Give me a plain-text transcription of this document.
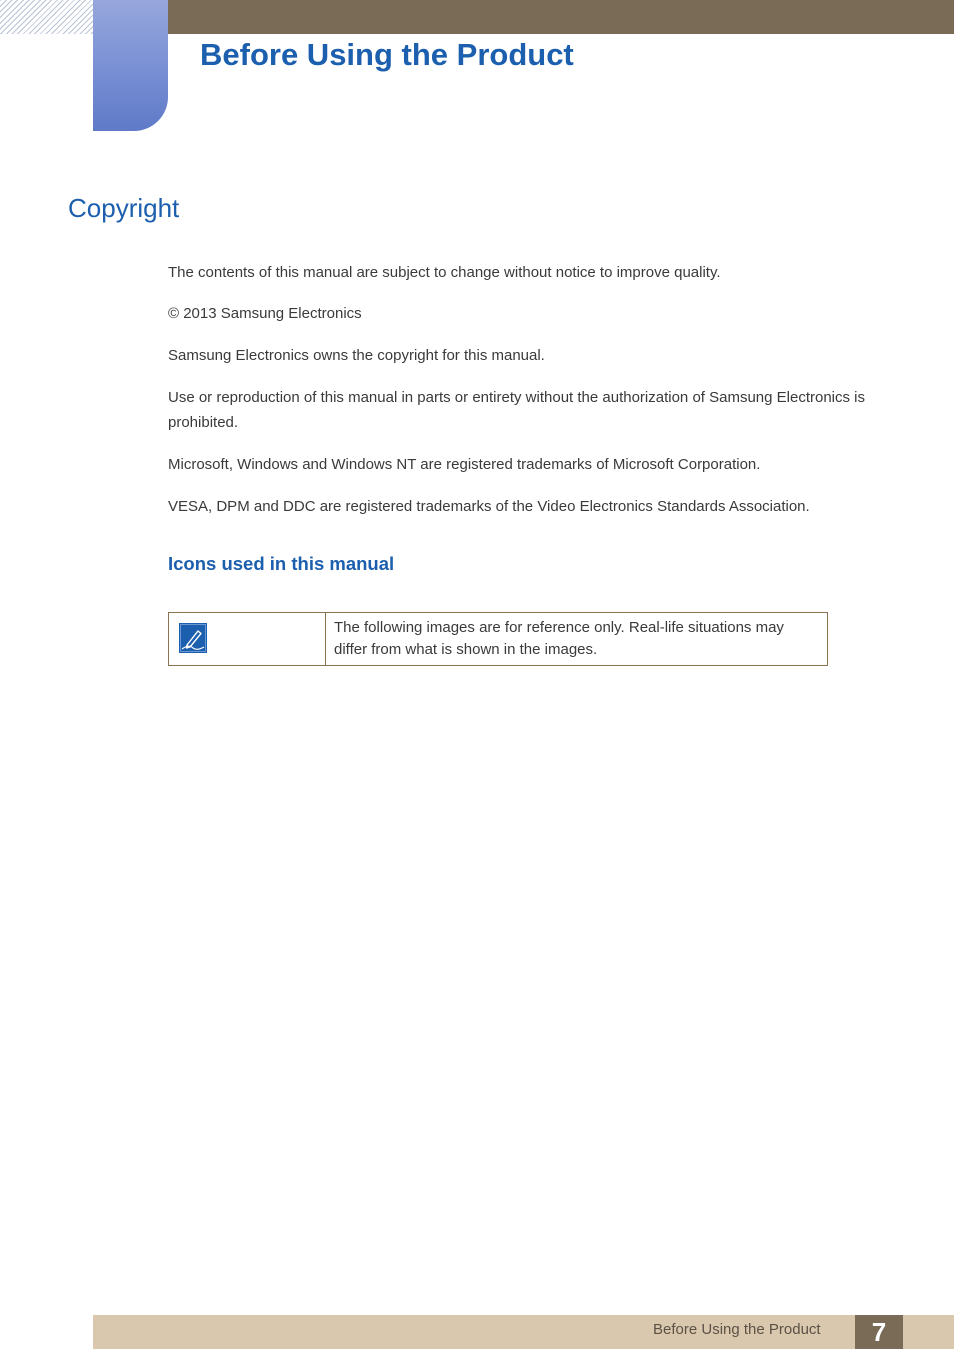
Before Using the Product
Copyright

The contents of this manual are subject to change without notice to improve quality.

© 2013 Samsung Electronics

Samsung Electronics owns the copyright for this manual.

Use or reproduction of this manual in parts or entirety without the authorization of Samsung Electronics is prohibited.

Microsoft, Windows and Windows NT are registered trademarks of Microsoft Corporation.

VESA, DPM and DDC are registered trademarks of the Video Electronics Standards Association.

Icons used in this manual
The following images are for reference only. Real-life situations may differ from what is shown in the images.
Before Using the Product	7
